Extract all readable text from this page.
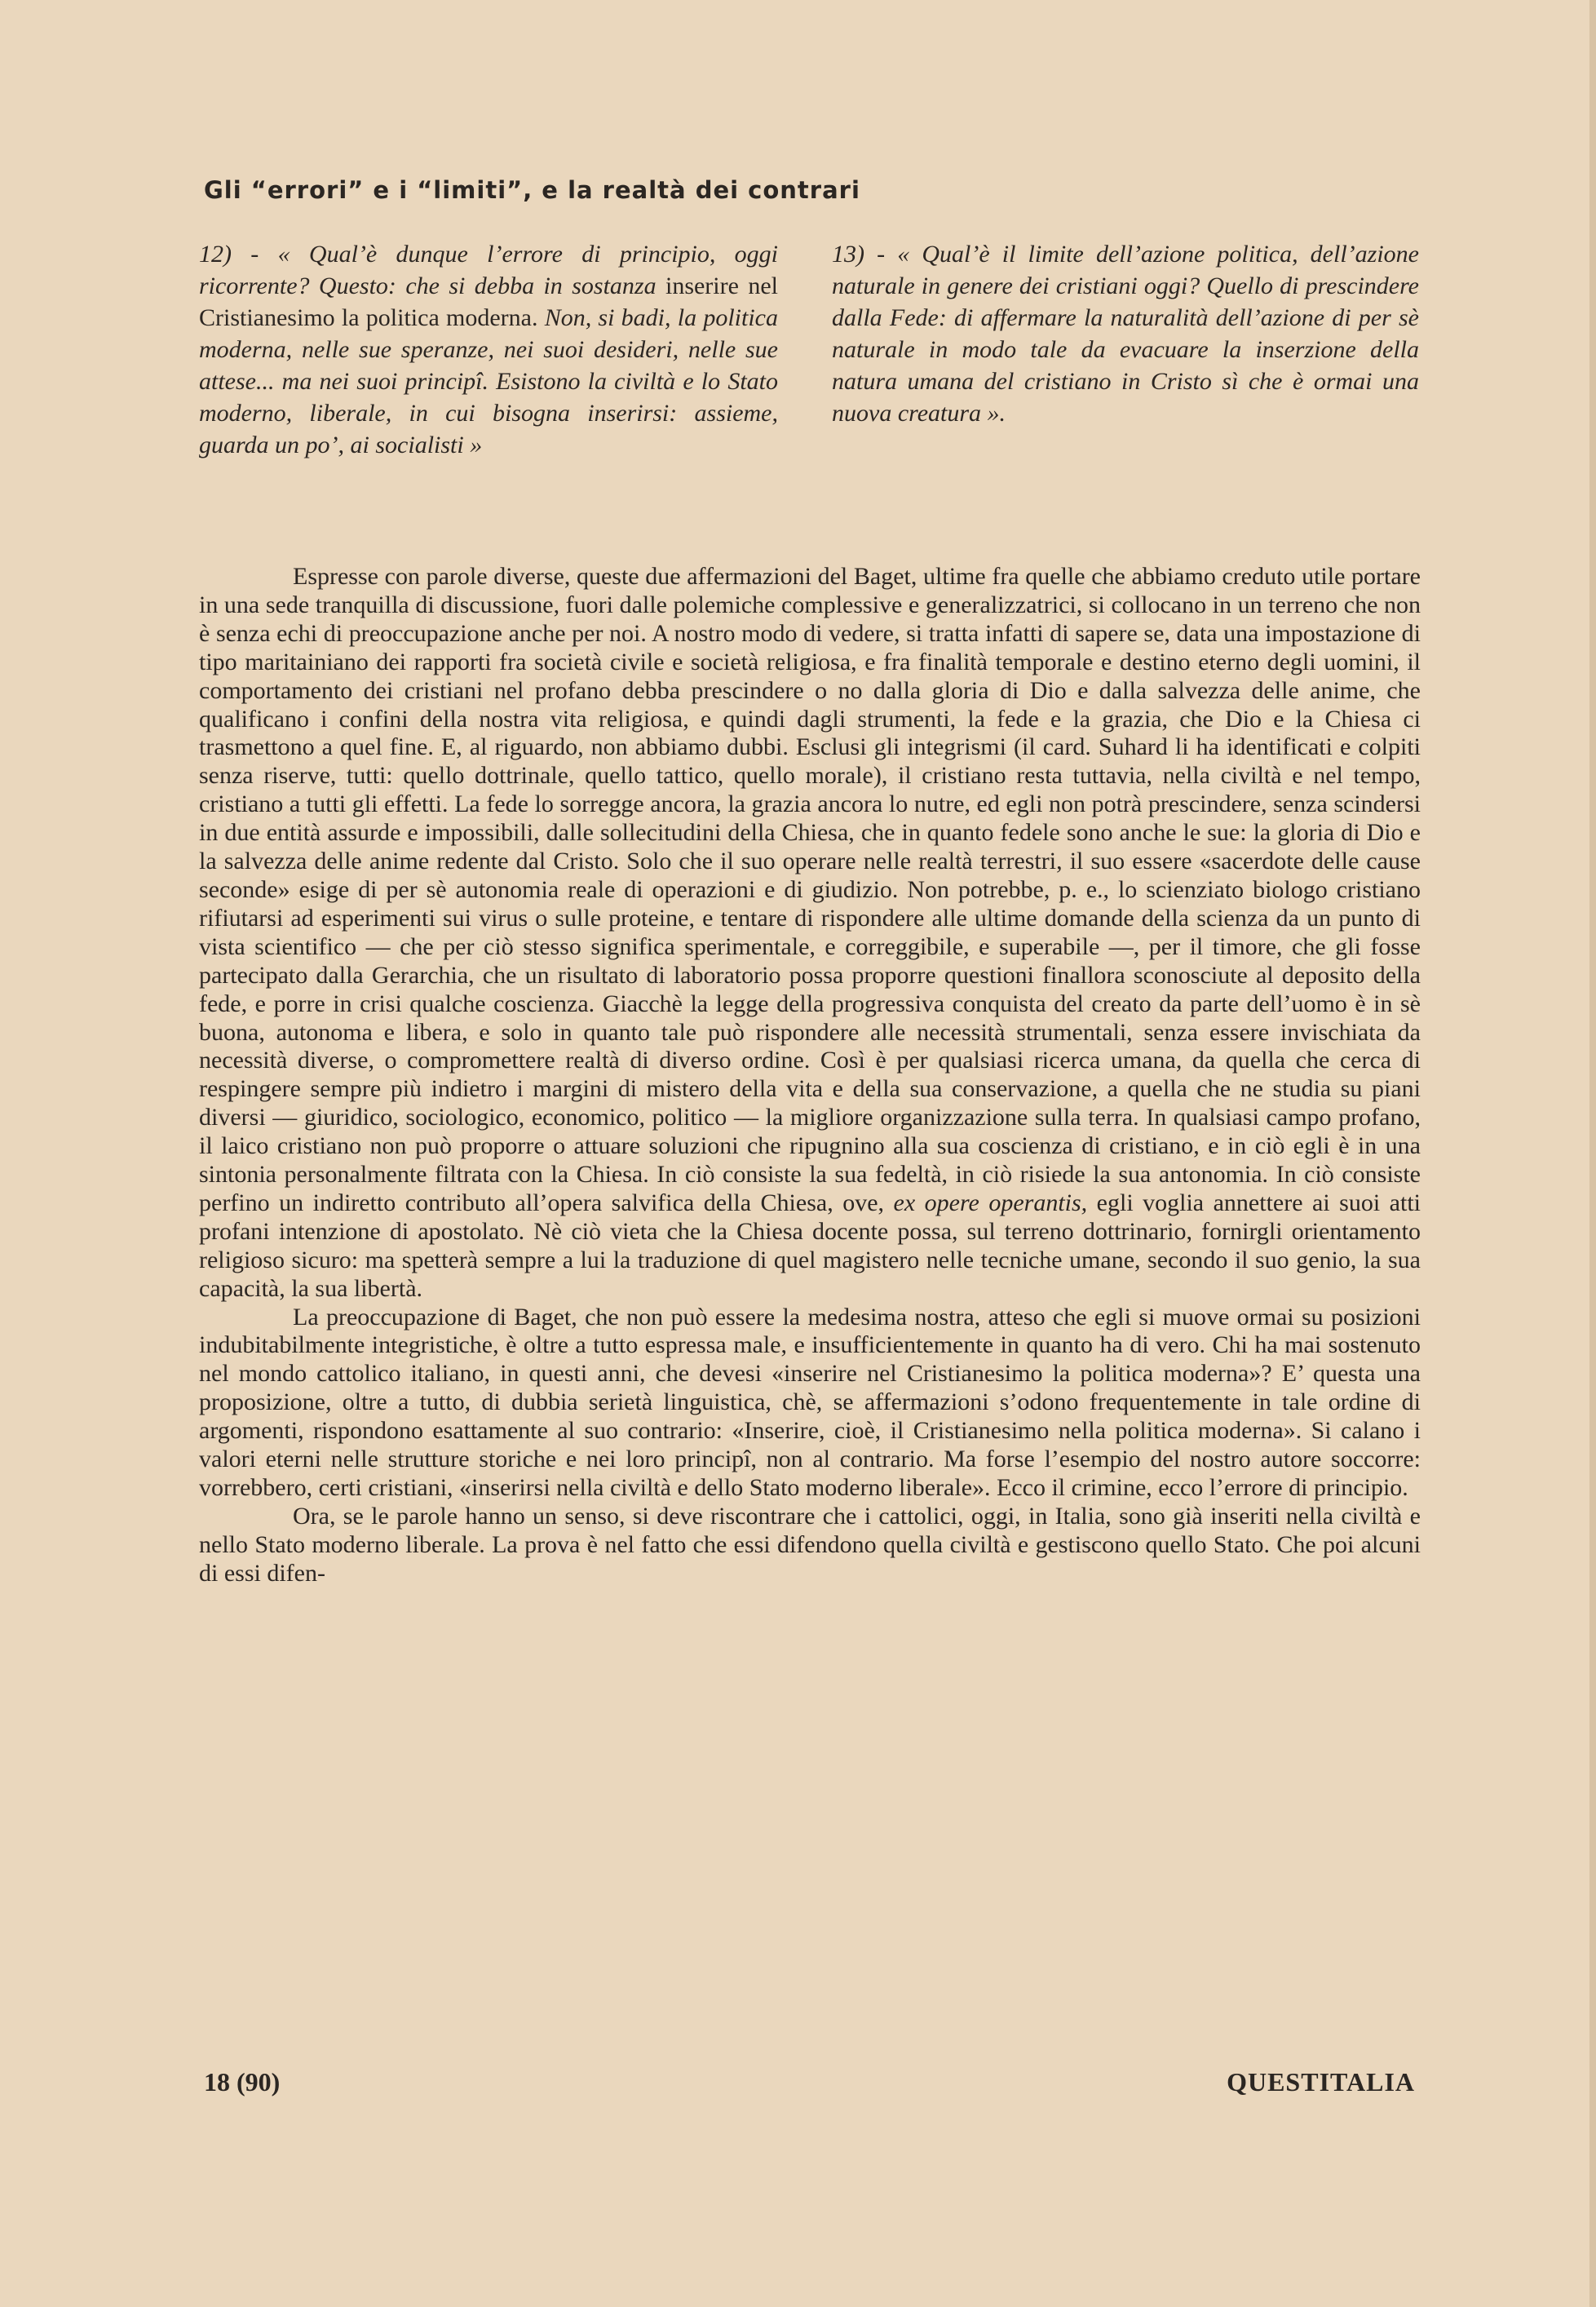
Gli “errori” e i “limiti”, e la realtà dei contrari
12) - « Qual’è dunque l’errore di principio, oggi ricorrente? Questo: che si debba in sostanza inserire nel Cristianesimo la politica moderna. Non, si badi, la politica moderna, nelle sue speranze, nei suoi desideri, nelle sue attese... ma nei suoi principî. Esistono la civiltà e lo Stato moderno, liberale, in cui bisogna inserirsi: assieme, guarda un po’, ai socialisti »
13) - « Qual’è il limite dell’azione politica, dell’azione naturale in genere dei cristiani oggi? Quello di prescindere dalla Fede: di affermare la naturalità dell’azione di per sè naturale in modo tale da evacuare la inserzione della natura umana del cristiano in Cristo sì che è ormai una nuova creatura ».

Espresse con parole diverse, queste due affermazioni del Baget, ultime fra quelle che abbiamo creduto utile portare in una sede tranquilla di discussione, fuori dalle polemiche complessive e generalizzatrici, si collocano in un terreno che non è senza echi di preoccupazione anche per noi. A nostro modo di vedere, si tratta infatti di sapere se, data una impostazione di tipo maritainiano dei rapporti fra società civile e società religiosa, e fra finalità temporale e destino eterno degli uomini, il comportamento dei cristiani nel profano debba prescindere o no dalla gloria di Dio e dalla salvezza delle anime, che qualificano i confini della nostra vita religiosa, e quindi dagli strumenti, la fede e la grazia, che Dio e la Chiesa ci trasmettono a quel fine. E, al riguardo, non abbiamo dubbi. Esclusi gli integrismi (il card. Suhard li ha identificati e colpiti senza riserve, tutti: quello dottrinale, quello tattico, quello morale), il cristiano resta tuttavia, nella civiltà e nel tempo, cristiano a tutti gli effetti. La fede lo sorregge ancora, la grazia ancora lo nutre, ed egli non potrà prescindere, senza scindersi in due entità assurde e impossibili, dalle sollecitudini della Chiesa, che in quanto fedele sono anche le sue: la gloria di Dio e la salvezza delle anime redente dal Cristo. Solo che il suo operare nelle realtà terrestri, il suo essere «sacerdote delle cause seconde» esige di per sè autonomia reale di operazioni e di giudizio. Non potrebbe, p. e., lo scienziato biologo cristiano rifiutarsi ad esperimenti sui virus o sulle proteine, e tentare di rispondere alle ultime domande della scienza da un punto di vista scientifico — che per ciò stesso significa sperimentale, e correggibile, e superabile —, per il timore, che gli fosse partecipato dalla Gerarchia, che un risultato di laboratorio possa proporre questioni finallora sconosciute al deposito della fede, e porre in crisi qualche coscienza. Giacchè la legge della progressiva conquista del creato da parte dell’uomo è in sè buona, autonoma e libera, e solo in quanto tale può rispondere alle necessità strumentali, senza essere invischiata da necessità diverse, o compromettere realtà di diverso ordine. Così è per qualsiasi ricerca umana, da quella che cerca di respingere sempre più indietro i margini di mistero della vita e della sua conservazione, a quella che ne studia su piani diversi — giuridico, sociologico, economico, politico — la migliore organizzazione sulla terra. In qualsiasi campo profano, il laico cristiano non può proporre o attuare soluzioni che ripugnino alla sua coscienza di cristiano, e in ciò egli è in una sintonia personalmente filtrata con la Chiesa. In ciò consiste la sua fedeltà, in ciò risiede la sua antonomia. In ciò consiste perfino un indiretto contributo all’opera salvifica della Chiesa, ove, ex opere operantis, egli voglia annettere ai suoi atti profani intenzione di apostolato. Nè ciò vieta che la Chiesa docente possa, sul terreno dottrinario, fornirgli orientamento religioso sicuro: ma spetterà sempre a lui la traduzione di quel magistero nelle tecniche umane, secondo il suo genio, la sua capacità, la sua libertà.

La preoccupazione di Baget, che non può essere la medesima nostra, atteso che egli si muove ormai su posizioni indubitabilmente integristiche, è oltre a tutto espressa male, e insufficientemente in quanto ha di vero. Chi ha mai sostenuto nel mondo cattolico italiano, in questi anni, che devesi «inserire nel Cristianesimo la politica moderna»? E’ questa una proposizione, oltre a tutto, di dubbia serietà linguistica, chè, se affermazioni s’odono frequentemente in tale ordine di argomenti, rispondono esattamente al suo contrario: «Inserire, cioè, il Cristianesimo nella politica moderna». Si calano i valori eterni nelle strutture storiche e nei loro principî, non al contrario. Ma forse l’esempio del nostro autore soccorre: vorrebbero, certi cristiani, «inserirsi nella civiltà e dello Stato moderno liberale». Ecco il crimine, ecco l’errore di principio.

Ora, se le parole hanno un senso, si deve riscontrare che i cattolici, oggi, in Italia, sono già inseriti nella civiltà e nello Stato moderno liberale. La prova è nel fatto che essi difendono quella civiltà e gestiscono quello Stato. Che poi alcuni di essi difen-

18 (90)	QUESTITALIA
